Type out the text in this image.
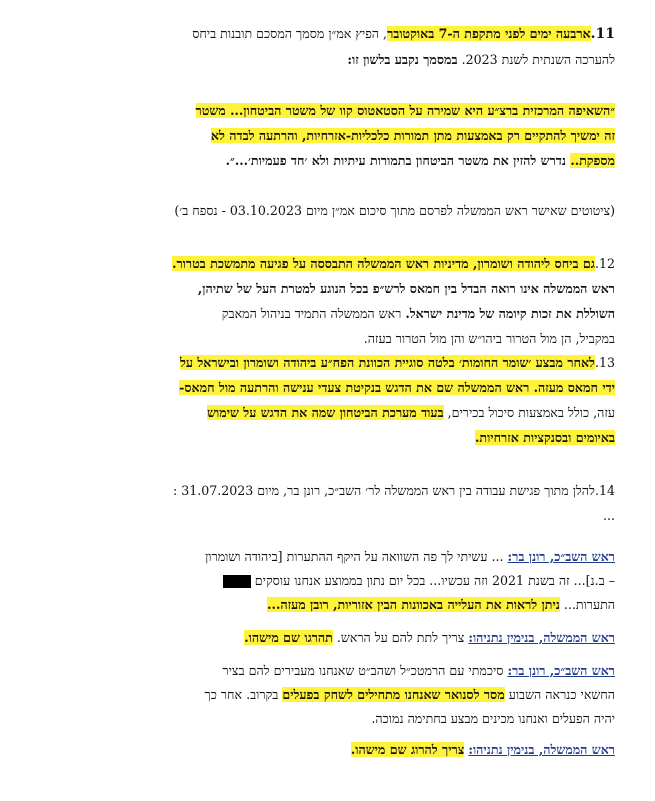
11.ארבעה ימים לפני מתקפת ה-7 באוקטובר, הפיץ אמ״ן מסמך המסכם תובנות ביחס
להערכה השנתית לשנת 2023. במסמך נקבע בלשון זו:
״השאיפה המרכזית ברצ״ע היא שמירה על הסטאטוס קוו של משטר הביטחון... משטר
זה ימשיך להתקיים רק באמצעות מתן תמורות כלכליות-אזרחיות, והרתעה לבדה לא
מספקת.. נדרש להזין את משטר הביטחון בתמורות עיתיות ולא ׳חד פעמיות׳...״.
(ציטוטים שאישר ראש הממשלה לפרסם מתוך סיכום אמ״ן מיום 03.10.2023 - נספח ב׳)
12.גם ביחס ליהודה ושומרון, מדיניות ראש הממשלה התבססה על פגיעה מתמשכת בטרור.
ראש הממשלה אינו רואה הבדל בין חמאס לרש״פ בכל הנוגע למטרת העל של שתיהן,
השוללת את זכות קיומה של מדינת ישראל. ראש הממשלה התמיד בניהול המאבק
במקביל, הן מול הטרור ביהו״ש והן מול הטרור בעזה.
13.לאחר מבצע ׳שומר החומות׳ בלטה סוגיית הכוונת הפח״ע ביהודה ושומרון ובישראל על
ידי חמאס מעזה. ראש הממשלה שם את הדגש בנקיטת צעדי ענישה והרתעה מול חמאס-
עזה, כולל באמצעות סיכול בכירים, בעוד מערכת הביטחון שמה את הדגש על שימוש
באיומים ובסנקציות אזרחיות.
14.להלן מתוך פגישת עבודה בין ראש הממשלה לר׳ השב״כ, רונן בר, מיום 31.07.2023 :
...
ראש השב״כ, רונן בר: ... עשיתי לך פה השוואה על היקף ההתערות [ביהודה ושומרון
– ב.נ]... זה בשנת 2021 וזה עכשיו... בכל יום נתון בממוצע אנחנו עוסקים
התערות... ניתן לראות את העלייה באכוונות הבין אזוריות, רובן מעזה...
ראש הממשלה, בנימין נתניהו: צריך לתת להם על הראש. תהרגו שם מישהו.
ראש השב״כ, רונן בר: סיכמתי עם הרמטכ״ל ושהב״ט שאנחנו מעבירים להם בציר
החשאי כנראה השבוע מסר לסנואר שאנחנו מתחילים לשחק בפעלים בקרוב. אחר כך
יהיה הפעלים ואנחנו מכינים מבצע בחתימה נמוכה.
ראש הממשלה, בנימין נתניהו: צריך להרוג שם מישהו.
